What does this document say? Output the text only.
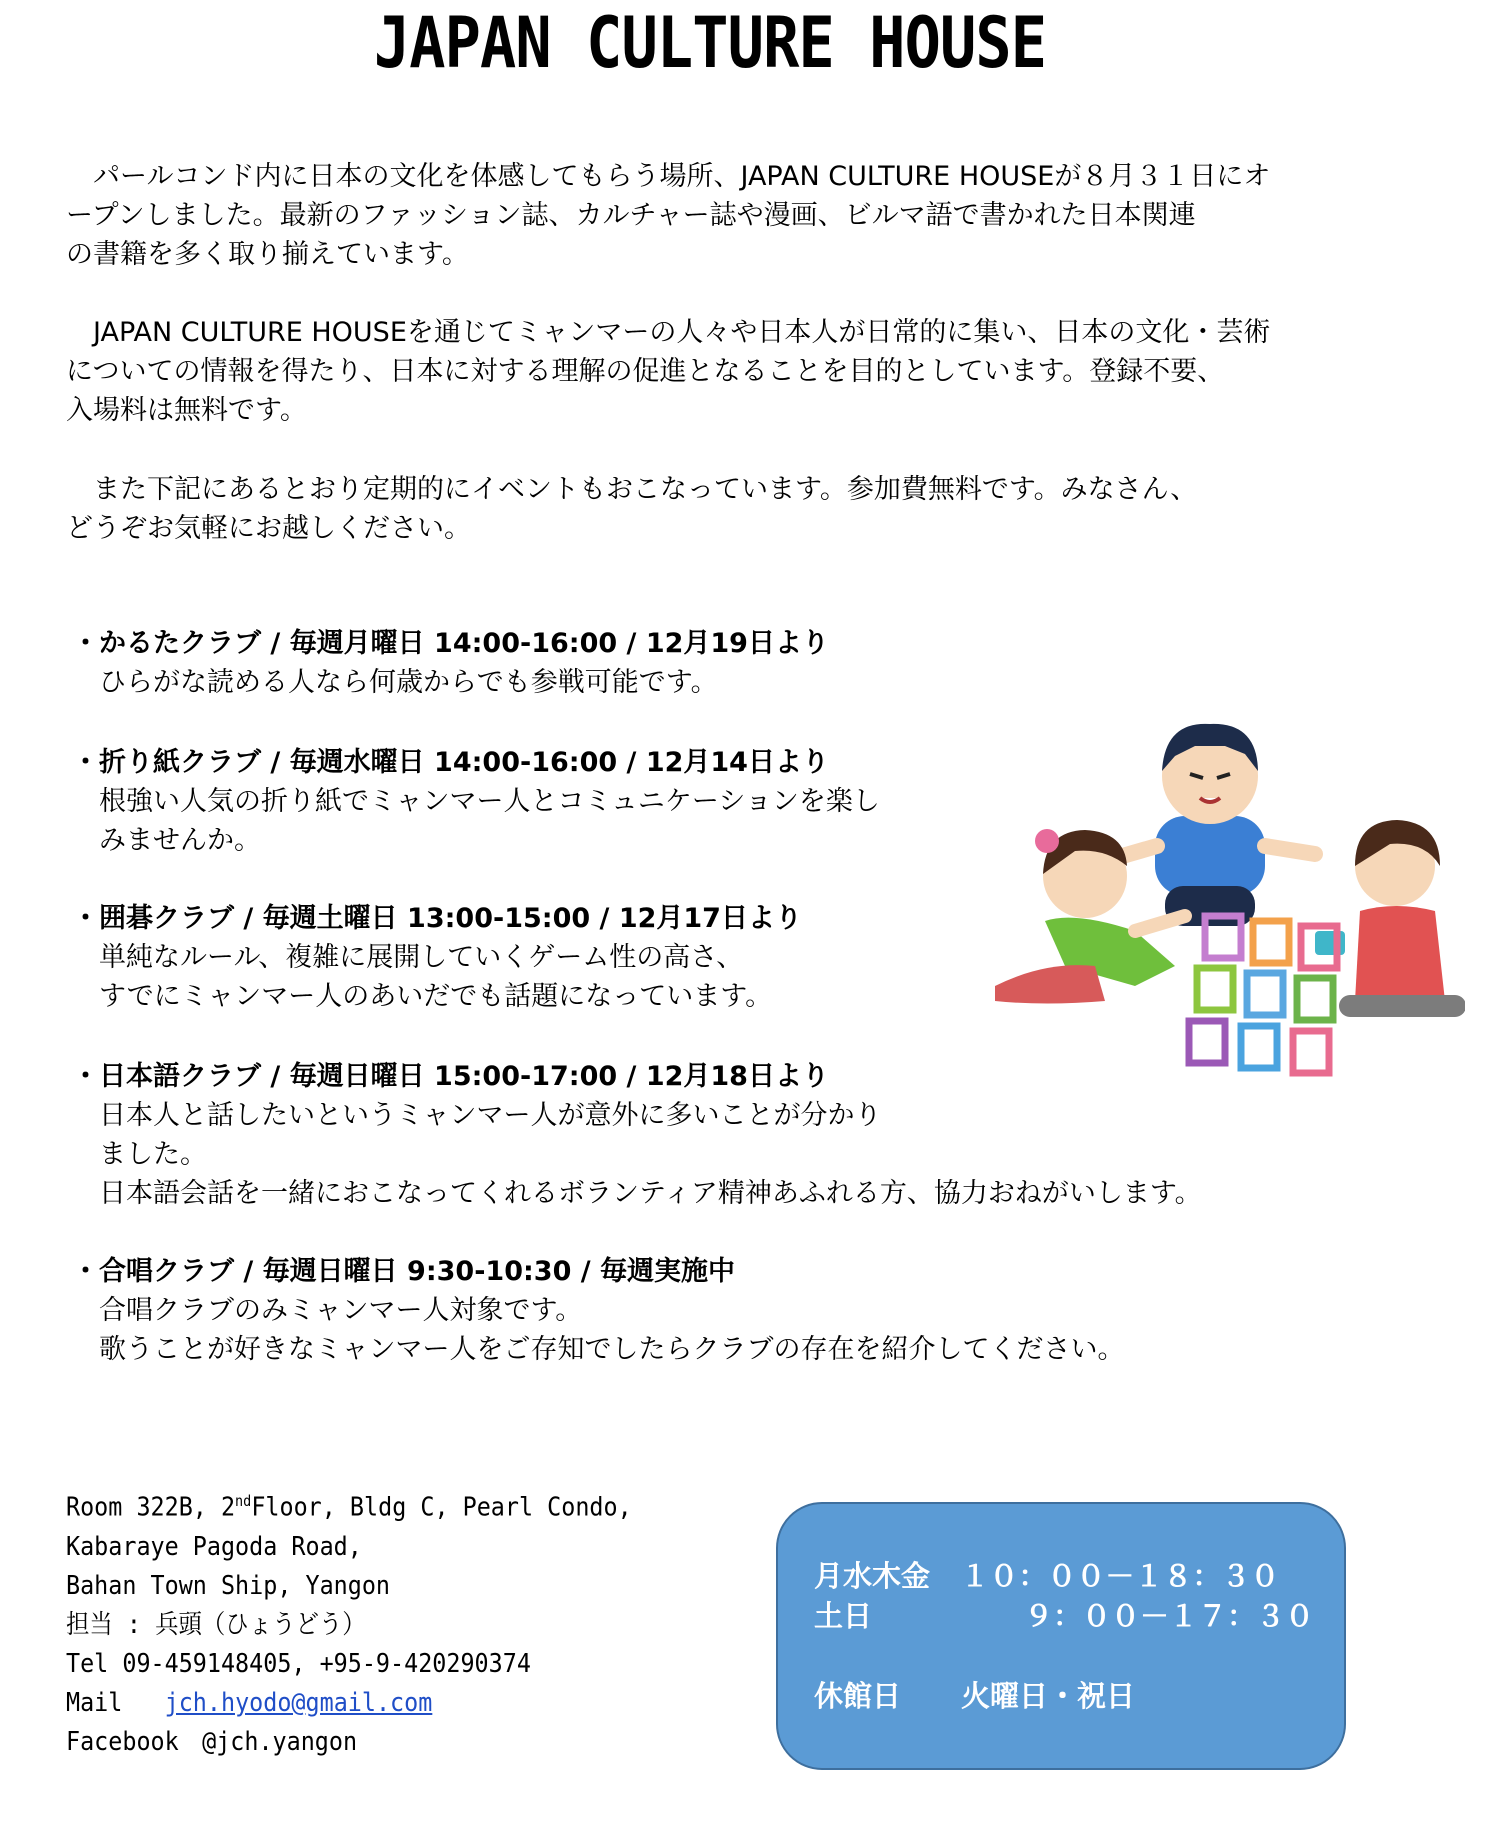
JAPAN CULTURE HOUSE
　パールコンド内に日本の文化を体感してもらう場所、JAPAN CULTURE HOUSEが８月３１日にオ
ープンしました。最新のファッション誌、カルチャー誌や漫画、ビルマ語で書かれた日本関連
の書籍を多く取り揃えています。
　JAPAN CULTURE HOUSEを通じてミャンマーの人々や日本人が日常的に集い、日本の文化・芸術
についての情報を得たり、日本に対する理解の促進となることを目的としています。登録不要、
入場料は無料です。
　また下記にあるとおり定期的にイベントもおこなっています。参加費無料です。みなさん、
どうぞお気軽にお越しください。
・かるたクラブ / 毎週月曜日 14:00-16:00 / 12月19日より
ひらがな読める人なら何歳からでも参戦可能です。
・折り紙クラブ / 毎週水曜日 14:00-16:00 / 12月14日より
根強い人気の折り紙でミャンマー人とコミュニケーションを楽し
みませんか。
・囲碁クラブ / 毎週土曜日 13:00-15:00 / 12月17日より
単純なルール、複雑に展開していくゲーム性の高さ、
すでにミャンマー人のあいだでも話題になっています。
・日本語クラブ / 毎週日曜日 15:00-17:00 / 12月18日より
日本人と話したいというミャンマー人が意外に多いことが分かり
ました。
日本語会話を一緒におこなってくれるボランティア精神あふれる方、協力おねがいします。
・合唱クラブ / 毎週日曜日 9:30-10:30 / 毎週実施中
合唱クラブのみミャンマー人対象です。
歌うことが好きなミャンマー人をご存知でしたらクラブの存在を紹介してください。
Room 322B, 2ndFloor, Bldg C, Pearl Condo,
Kabaraye Pagoda Road,
Bahan Town Ship, Yangon
担当 : 兵頭（ひょうどう）
Tel 09-459148405, +95-9-420290374
Mail jch.hyodo@gmail.com
Facebook　@jch.yangon
月水木金 １０：００－１８：３０
土日	９：００－１７：３０
休館日 火曜日・祝日
